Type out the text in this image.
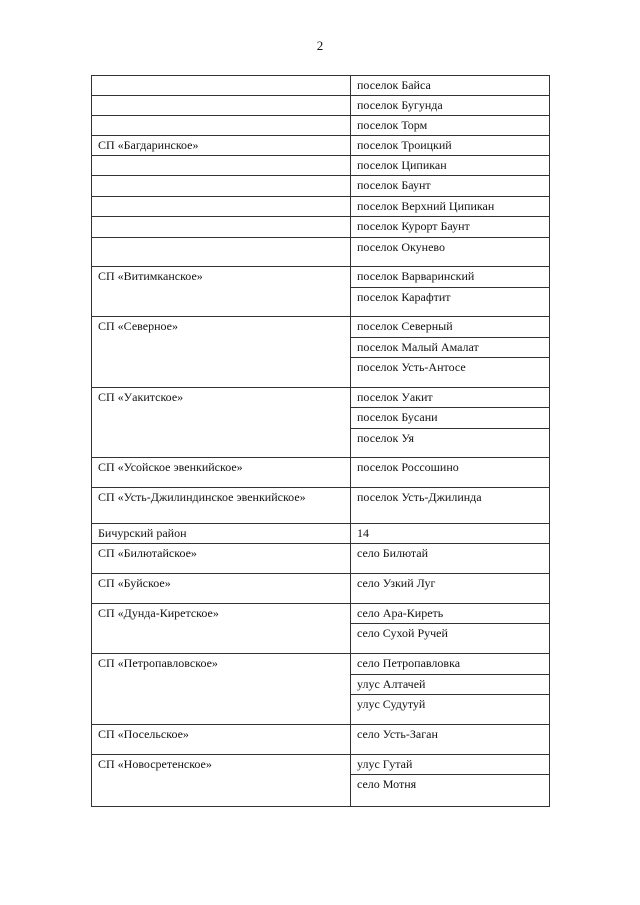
2
	поселок Байса
	поселок Бугунда
	поселок Торм
СП «Багдаринское»	поселок Троицкий
	поселок Ципикан
	поселок Баунт
	поселок Верхний Ципикан
	поселок Курорт Баунт
	поселок Окунево
СП «Витимканское»	поселок Варваринский
	поселок Карафтит
СП «Северное»	поселок Северный
	поселок Малый Амалат
	поселок Усть-Антосе
СП «Уакитское»	поселок Уакит
	поселок Бусани
	поселок Уя
СП «Усойское эвенкийское»	поселок Россошино
СП «Усть-Джилиндинское эвенкийское»	поселок Усть-Джилинда
Бичурский район	14
СП «Билютайское»	село Билютай
СП «Буйское»	село Узкий Луг
СП «Дунда-Киретское»	село Ара-Киреть
	село Сухой Ручей
СП «Петропавловское»	село Петропавловка
	улус Алтачей
	улус Судутуй
СП «Посельское»	село Усть-Заган
СП «Новосретенское»	улус Гутай
	село Мотня
